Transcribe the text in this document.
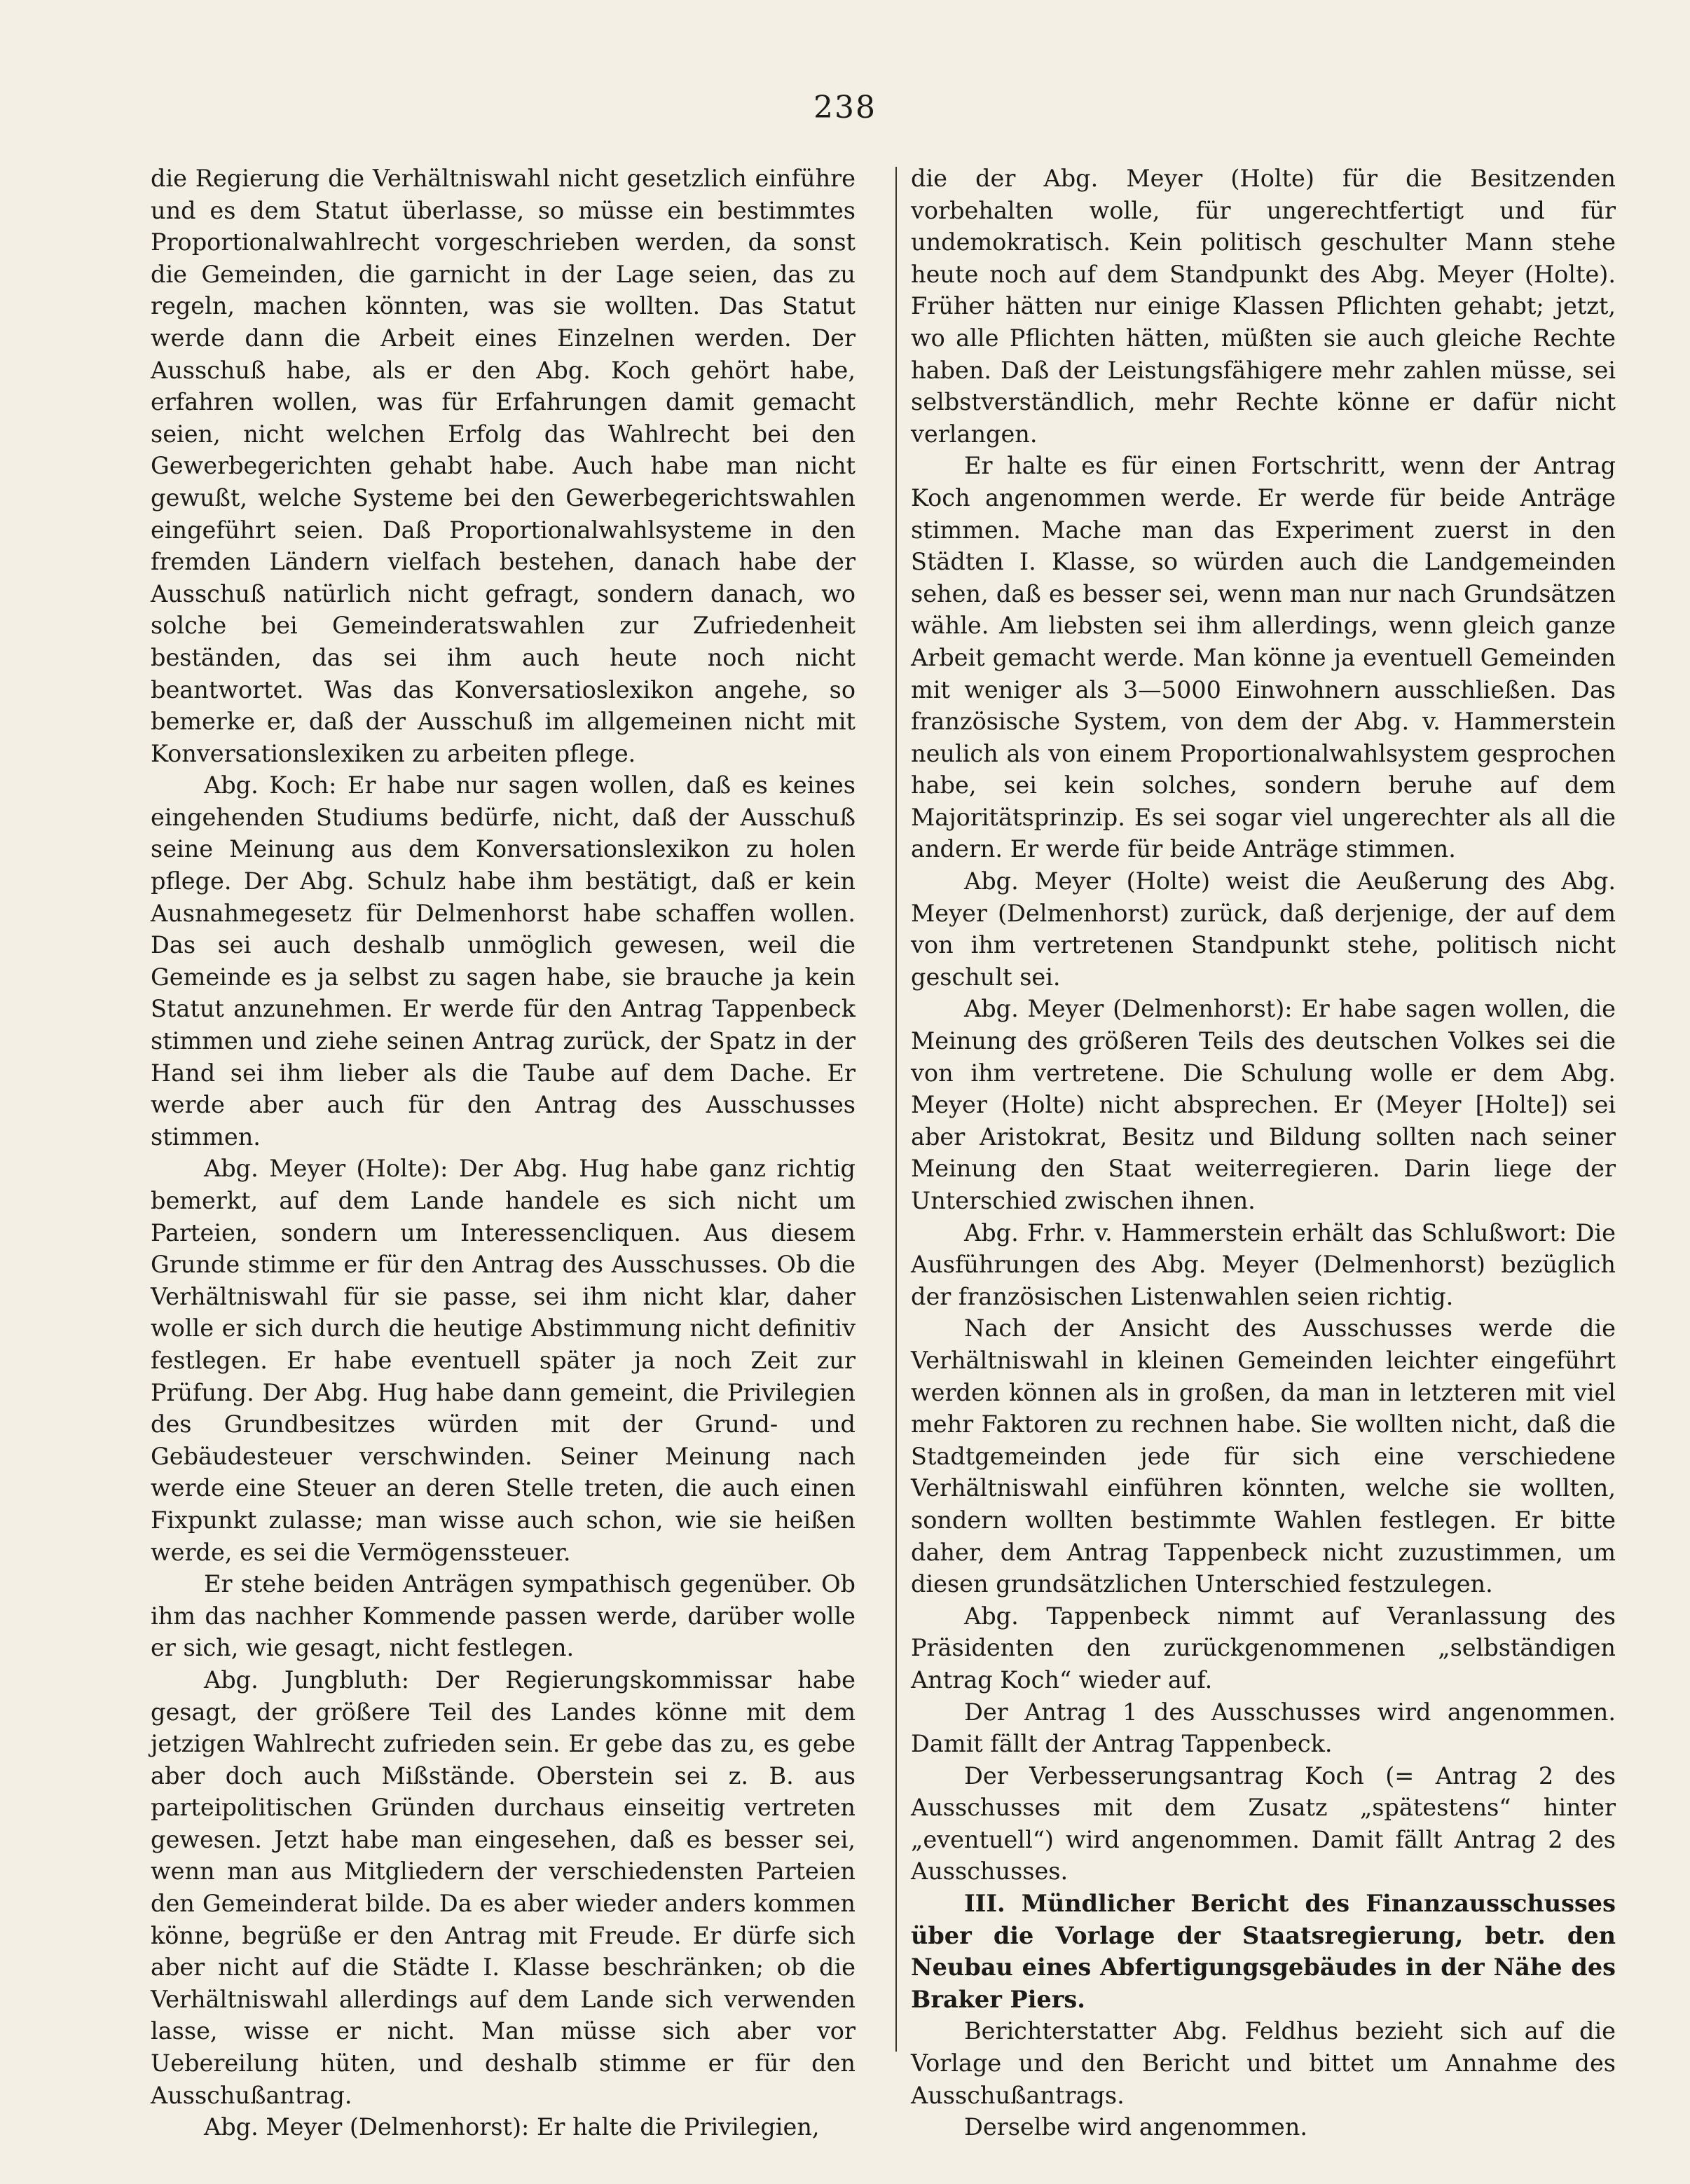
238

die Regierung die Verhältniswahl nicht gesetzlich einführe und es dem Statut überlasse, so müsse ein bestimmtes Proportionalwahlrecht vorgeschrieben werden, da sonst die Gemeinden, die garnicht in der Lage seien, das zu regeln, machen könnten, was sie wollten. Das Statut werde dann die Arbeit eines Einzelnen werden. Der Ausschuß habe, als er den Abg. Koch gehört habe, erfahren wollen, was für Erfahrungen damit gemacht seien, nicht welchen Erfolg das Wahlrecht bei den Gewerbegerichten gehabt habe. Auch habe man nicht gewußt, welche Systeme bei den Gewerbegerichtswahlen eingeführt seien. Daß Proportionalwahlsysteme in den fremden Ländern vielfach bestehen, danach habe der Ausschuß natürlich nicht gefragt, sondern danach, wo solche bei Gemeinderatswahlen zur Zufriedenheit beständen, das sei ihm auch heute noch nicht beantwortet. Was das Konversatioslexikon angehe, so bemerke er, daß der Ausschuß im allgemeinen nicht mit Konversationslexiken zu arbeiten pflege.

Abg. Koch: Er habe nur sagen wollen, daß es keines eingehenden Studiums bedürfe, nicht, daß der Ausschuß seine Meinung aus dem Konversationslexikon zu holen pflege. Der Abg. Schulz habe ihm bestätigt, daß er kein Ausnahmegesetz für Delmenhorst habe schaffen wollen. Das sei auch deshalb unmöglich gewesen, weil die Gemeinde es ja selbst zu sagen habe, sie brauche ja kein Statut anzunehmen. Er werde für den Antrag Tappenbeck stimmen und ziehe seinen Antrag zurück, der Spatz in der Hand sei ihm lieber als die Taube auf dem Dache. Er werde aber auch für den Antrag des Ausschusses stimmen.

Abg. Meyer (Holte): Der Abg. Hug habe ganz richtig bemerkt, auf dem Lande handele es sich nicht um Parteien, sondern um Interessencliquen. Aus diesem Grunde stimme er für den Antrag des Ausschusses. Ob die Verhältniswahl für sie passe, sei ihm nicht klar, daher wolle er sich durch die heutige Abstimmung nicht definitiv festlegen. Er habe eventuell später ja noch Zeit zur Prüfung. Der Abg. Hug habe dann gemeint, die Privilegien des Grundbesitzes würden mit der Grund- und Gebäudesteuer verschwinden. Seiner Meinung nach werde eine Steuer an deren Stelle treten, die auch einen Fixpunkt zulasse; man wisse auch schon, wie sie heißen werde, es sei die Vermögenssteuer.

Er stehe beiden Anträgen sympathisch gegenüber. Ob ihm das nachher Kommende passen werde, darüber wolle er sich, wie gesagt, nicht festlegen.

Abg. Jungbluth: Der Regierungskommissar habe gesagt, der größere Teil des Landes könne mit dem jetzigen Wahlrecht zufrieden sein. Er gebe das zu, es gebe aber doch auch Mißstände. Oberstein sei z. B. aus parteipolitischen Gründen durchaus einseitig vertreten gewesen. Jetzt habe man eingesehen, daß es besser sei, wenn man aus Mitgliedern der verschiedensten Parteien den Gemeinderat bilde. Da es aber wieder anders kommen könne, begrüße er den Antrag mit Freude. Er dürfe sich aber nicht auf die Städte I. Klasse beschränken; ob die Verhältniswahl allerdings auf dem Lande sich verwenden lasse, wisse er nicht. Man müsse sich aber vor Uebereilung hüten, und deshalb stimme er für den Ausschußantrag.

Abg. Meyer (Delmenhorst): Er halte die Privilegien,

die der Abg. Meyer (Holte) für die Besitzenden vorbehalten wolle, für ungerechtfertigt und für undemokratisch. Kein politisch geschulter Mann stehe heute noch auf dem Standpunkt des Abg. Meyer (Holte). Früher hätten nur einige Klassen Pflichten gehabt; jetzt, wo alle Pflichten hätten, müßten sie auch gleiche Rechte haben. Daß der Leistungsfähigere mehr zahlen müsse, sei selbstverständlich, mehr Rechte könne er dafür nicht verlangen.

Er halte es für einen Fortschritt, wenn der Antrag Koch angenommen werde. Er werde für beide Anträge stimmen. Mache man das Experiment zuerst in den Städten I. Klasse, so würden auch die Landgemeinden sehen, daß es besser sei, wenn man nur nach Grundsätzen wähle. Am liebsten sei ihm allerdings, wenn gleich ganze Arbeit gemacht werde. Man könne ja eventuell Gemeinden mit weniger als 3—5000 Einwohnern ausschließen. Das französische System, von dem der Abg. v. Hammerstein neulich als von einem Proportionalwahlsystem gesprochen habe, sei kein solches, sondern beruhe auf dem Majoritätsprinzip. Es sei sogar viel ungerechter als all die andern. Er werde für beide Anträge stimmen.

Abg. Meyer (Holte) weist die Aeußerung des Abg. Meyer (Delmenhorst) zurück, daß derjenige, der auf dem von ihm vertretenen Standpunkt stehe, politisch nicht geschult sei.

Abg. Meyer (Delmenhorst): Er habe sagen wollen, die Meinung des größeren Teils des deutschen Volkes sei die von ihm vertretene. Die Schulung wolle er dem Abg. Meyer (Holte) nicht absprechen. Er (Meyer [Holte]) sei aber Aristokrat, Besitz und Bildung sollten nach seiner Meinung den Staat weiterregieren. Darin liege der Unterschied zwischen ihnen.

Abg. Frhr. v. Hammerstein erhält das Schlußwort: Die Ausführungen des Abg. Meyer (Delmenhorst) bezüglich der französischen Listenwahlen seien richtig.

Nach der Ansicht des Ausschusses werde die Verhältniswahl in kleinen Gemeinden leichter eingeführt werden können als in großen, da man in letzteren mit viel mehr Faktoren zu rechnen habe. Sie wollten nicht, daß die Stadtgemeinden jede für sich eine verschiedene Verhältniswahl einführen könnten, welche sie wollten, sondern wollten bestimmte Wahlen festlegen. Er bitte daher, dem Antrag Tappenbeck nicht zuzustimmen, um diesen grundsätzlichen Unterschied festzulegen.

Abg. Tappenbeck nimmt auf Veranlassung des Präsidenten den zurückgenommenen „selbständigen Antrag Koch“ wieder auf.

Der Antrag 1 des Ausschusses wird angenommen. Damit fällt der Antrag Tappenbeck.

Der Verbesserungsantrag Koch (= Antrag 2 des Ausschusses mit dem Zusatz „spätestens“ hinter „eventuell“) wird angenommen. Damit fällt Antrag 2 des Ausschusses.

III. Mündlicher Bericht des Finanzausschusses über die Vorlage der Staatsregierung, betr. den Neubau eines Abfertigungsgebäudes in der Nähe des Braker Piers.

Berichterstatter Abg. Feldhus bezieht sich auf die Vorlage und den Bericht und bittet um Annahme des Ausschußantrags.

Derselbe wird angenommen.
